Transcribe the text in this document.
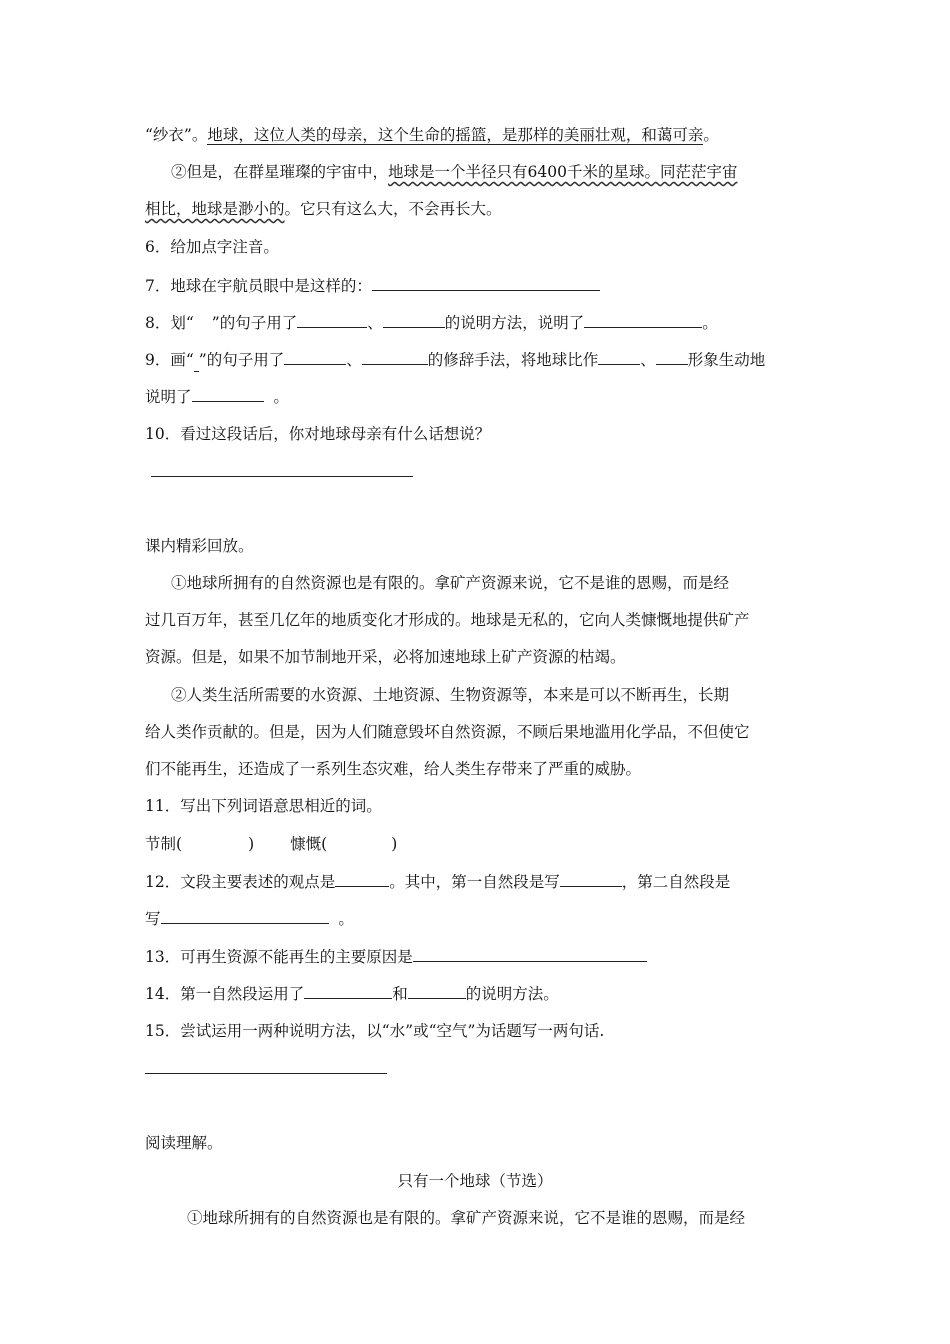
“纱衣”。地球，这位人类的母亲，这个生命的摇篮，是那样的美丽壮观，和蔼可亲。
②但是，在群星璀璨的宇宙中，地球是一个半径只有6400千米的星球。同茫茫宇宙
相比，地球是渺小的。它只有这么大，不会再长大。
6．给加点字注音。
7．地球在宇航员眼中是这样的：
8．划“ ”的句子用了	、	的说明方法，说明了	。
9．画“ ”的句子用了	、	的修辞手法，将地球比作	、 形象生动地
说明了	。
10．看过这段话后，你对地球母亲有什么话想说？
课内精彩回放。
①地球所拥有的自然资源也是有限的。拿矿产资源来说，它不是谁的恩赐，而是经
过几百万年，甚至几亿年的地质变化才形成的。地球是无私的，它向人类慷慨地提供矿产
资源。但是，如果不加节制地开采，必将加速地球上矿产资源的枯竭。
②人类生活所需要的水资源、土地资源、生物资源等，本来是可以不断再生，长期
给人类作贡献的。但是，因为人们随意毁坏自然资源，不顾后果地滥用化学品，不但使它
们不能再生，还造成了一系列生态灾难，给人类生存带来了严重的威胁。
11．写出下列词语意思相近的词。
节制(	) 慷慨(	)
12．文段主要表述的观点是	。其中，第一自然段是写	，第二自然段是
写	。
13．可再生资源不能再生的主要原因是
14．第一自然段运用了	和	的说明方法。
15．尝试运用一两种说明方法，以“水”或“空气”为话题写一两句话.
阅读理解。
只有一个地球（节选）
①地球所拥有的自然资源也是有限的。拿矿产资源来说，它不是谁的恩赐，而是经
